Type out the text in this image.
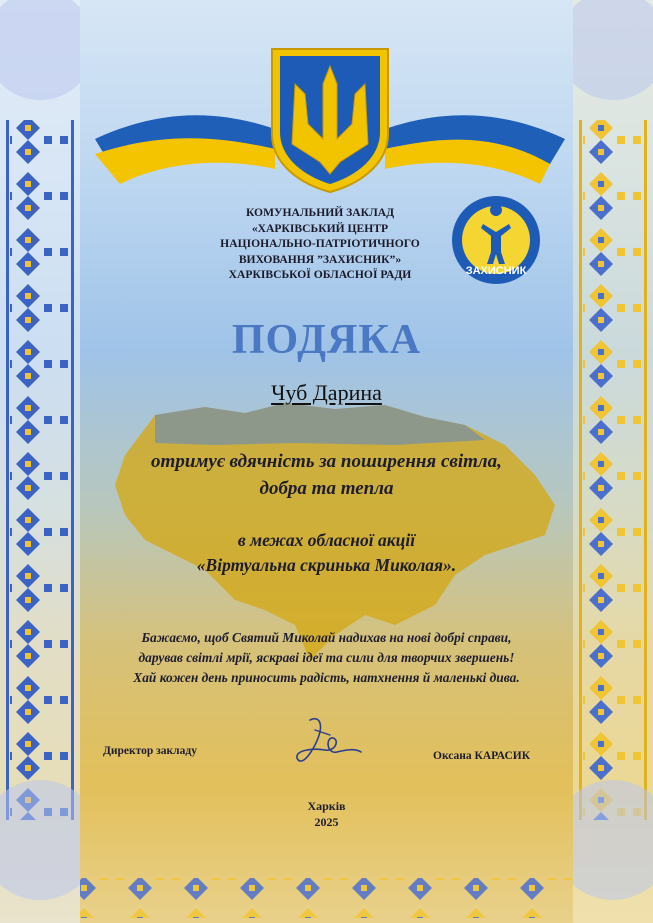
КОМУНАЛЬНИЙ ЗАКЛАД
«ХАРКІВСЬКИЙ ЦЕНТР
НАЦІОНАЛЬНО-ПАТРІОТИЧНОГО
ВИХОВАННЯ ”ЗАХИСНИК”»
ХАРКІВСЬКОЇ ОБЛАСНОЇ РАДИ	ЗАХИСНИК
ПОДЯКА
Чуб Дарина
отримує вдячність за поширення світла,
добра та тепла
в межах обласної акції
«Віртуальна скринька Миколая».
Бажаємо, щоб Святий Миколай надихав на нові добрі справи,
дарував світлі мрії, яскраві ідеї та сили для творчих звершень!
Хай кожен день приносить радість, натхнення й маленькі дива.
Директор закладу	Оксана КАРАСИК
Харків
2025
